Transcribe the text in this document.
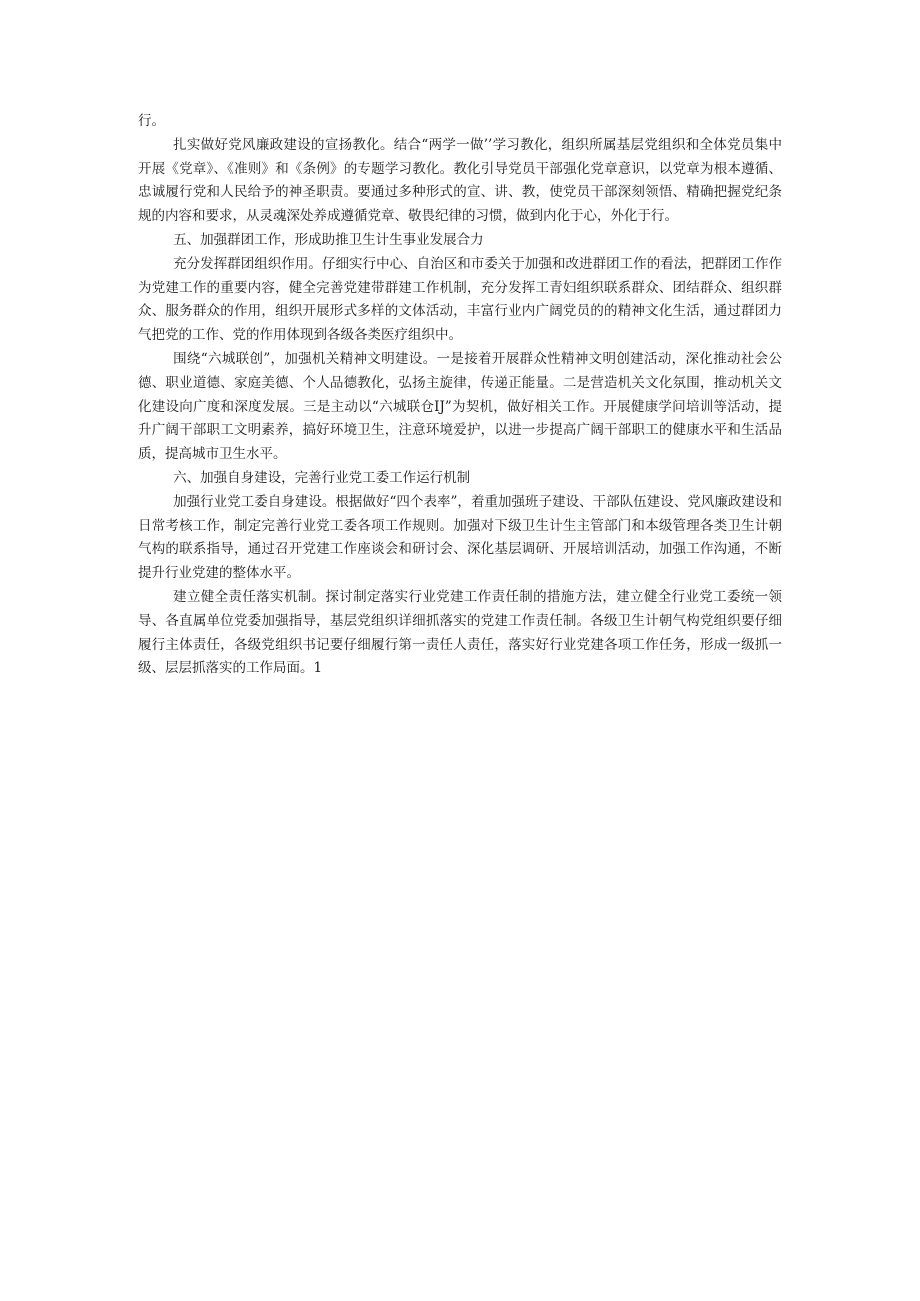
行。

扎实做好党风廉政建设的宣扬教化。结合“两学一做’’学习教化，组织所属基层党组织和全体党员集中开展《党章》、《准则》和《条例》的专题学习教化。教化引导党员干部强化党章意识，以党章为根本遵循、忠诚履行党和人民给予的神圣职责。要通过多种形式的宣、讲、教，使党员干部深刻领悟、精确把握党纪条规的内容和要求，从灵魂深处养成遵循党章、敬畏纪律的习惯，做到内化于心，外化于行。

五、加强群团工作，形成助推卫生计生事业发展合力

充分发挥群团组织作用。仔细实行中心、自治区和市委关于加强和改进群团工作的看法，把群团工作作为党建工作的重要内容，健全完善党建带群建工作机制，充分发挥工青妇组织联系群众、团结群众、组织群众、服务群众的作用，组织开展形式多样的文体活动，丰富行业内广阔党员的的精神文化生活，通过群团力气把党的工作、党的作用体现到各级各类医疗组织中。

围绕“六城联创”，加强机关精神文明建设。一是接着开展群众性精神文明创建活动，深化推动社会公德、职业道德、家庭美德、个人品德教化，弘扬主旋律，传递正能量。二是营造机关文化氛围，推动机关文化建设向广度和深度发展。三是主动以“六城联仓IJ”为契机，做好相关工作。开展健康学问培训等活动，提升广阔干部职工文明素养，搞好环境卫生，注意环境爱护，以进一步提高广阔干部职工的健康水平和生活品质，提高城市卫生水平。

六、加强自身建设，完善行业党工委工作运行机制

加强行业党工委自身建设。根据做好“四个表率”，着重加强班子建设、干部队伍建设、党风廉政建设和日常考核工作，制定完善行业党工委各项工作规则。加强对下级卫生计生主管部门和本级管理各类卫生计朝气构的联系指导，通过召开党建工作座谈会和研讨会、深化基层调研、开展培训活动，加强工作沟通，不断提升行业党建的整体水平。

建立健全责任落实机制。探讨制定落实行业党建工作责任制的措施方法，建立健全行业党工委统一领导、各直属单位党委加强指导，基层党组织详细抓落实的党建工作责任制。各级卫生计朝气构党组织要仔细履行主体责任，各级党组织书记要仔细履行第一责任人责任，落实好行业党建各项工作任务，形成一级抓一级、层层抓落实的工作局面。1
